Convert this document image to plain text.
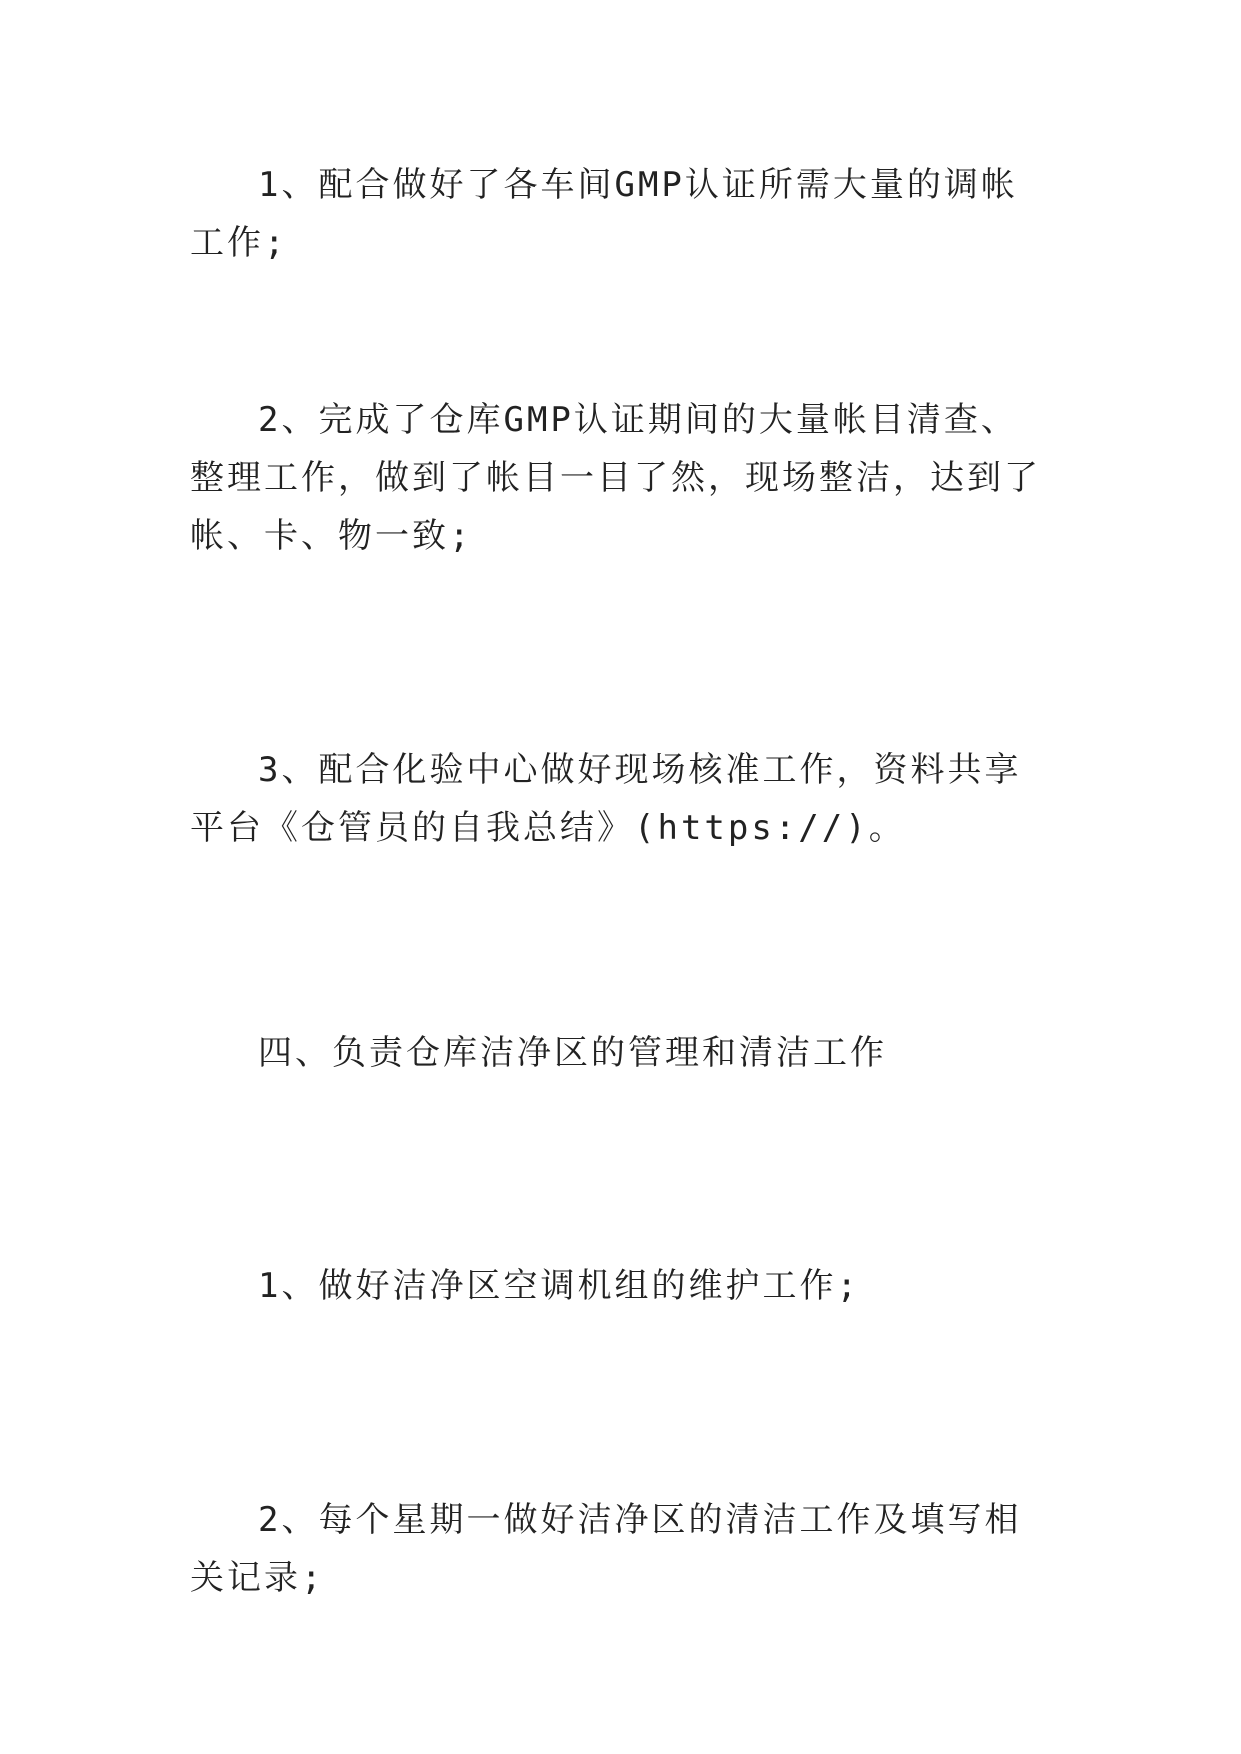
1、配合做好了各车间GMP认证所需大量的调帐工作;

2、完成了仓库GMP认证期间的大量帐目清查、整理工作，做到了帐目一目了然，现场整洁，达到了帐、卡、物一致;

3、配合化验中心做好现场核准工作，资料共享平台《仓管员的自我总结》(https://)。

四、负责仓库洁净区的管理和清洁工作

1、做好洁净区空调机组的维护工作;

2、每个星期一做好洁净区的清洁工作及填写相关记录;
